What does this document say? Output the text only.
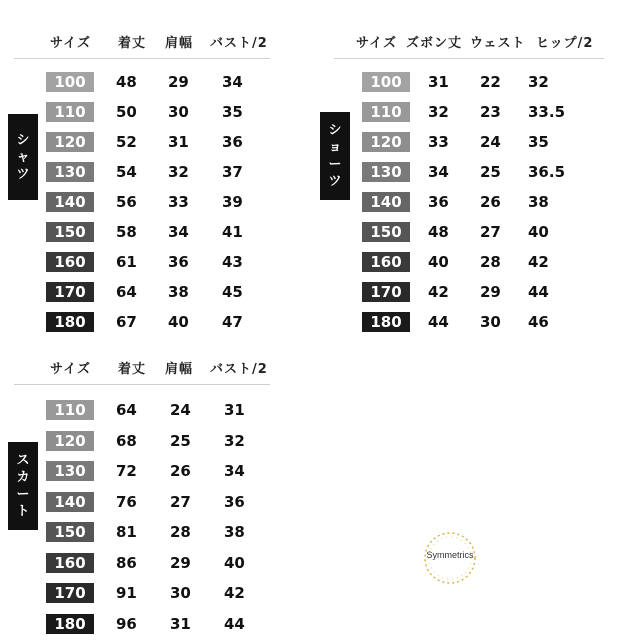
サイズ 着丈 肩幅 バスト/2
シ
ャ
ツ
100	48 29 34
110	50 30 35
120	52 31 36
130	54 32 37
140	56 33 39
150	58 34 41
160	61 36 43
170	64 38 45
180	67 40 47
サイズ ズボン丈 ウェスト ヒップ/2
シ
ョ
ー
ツ
100	31 22 32
110	32 23 33.5
120	33 24 35
130	34 25 36.5
140	36 26 38
150	48 27 40
160	40 28 42
170	42 29 44
180	44 30 46
サイズ 着丈 肩幅 バスト/2
ス
カ
ー
ト
110	64 24 31
120	68 25 32
130	72 26 34
140	76 27 36
150	81 28 38
160	86 29 40
170	91 30 42
180	96 31 44
Symmetrics
